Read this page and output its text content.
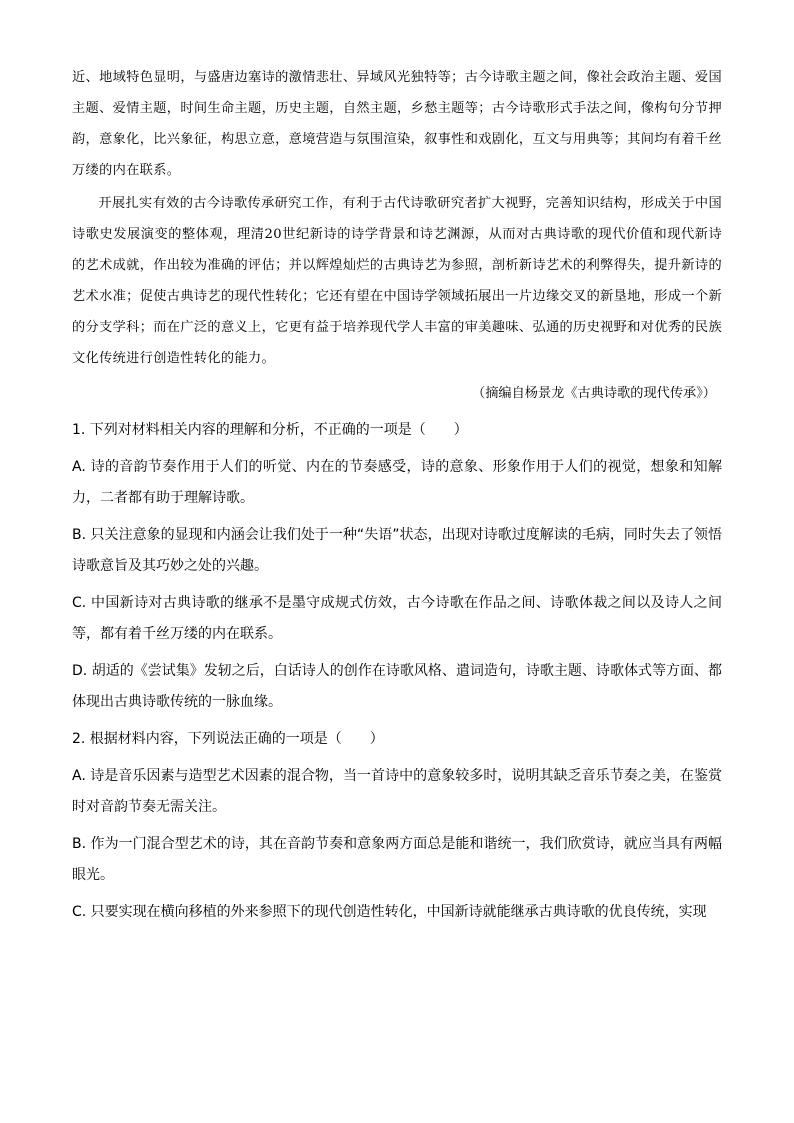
近、地域特色显明，与盛唐边塞诗的激情悲壮、异域风光独特等；古今诗歌主题之间，像社会政治主题、爱国主题、爱情主题，时间生命主题，历史主题，自然主题，乡愁主题等；古今诗歌形式手法之间，像构句分节押韵，意象化，比兴象征，构思立意，意境营造与氛围渲染，叙事性和戏剧化，互文与用典等；其间均有着千丝万缕的内在联系。

开展扎实有效的古今诗歌传承研究工作，有利于古代诗歌研究者扩大视野，完善知识结构，形成关于中国诗歌史发展演变的整体观，理清20世纪新诗的诗学背景和诗艺渊源，从而对古典诗歌的现代价值和现代新诗的艺术成就，作出较为准确的评估；并以辉煌灿烂的古典诗艺为参照，剖析新诗艺术的利弊得失，提升新诗的艺术水准；促使古典诗艺的现代性转化；它还有望在中国诗学领域拓展出一片边缘交叉的新垦地，形成一个新的分支学科；而在广泛的意义上，它更有益于培养现代学人丰富的审美趣味、弘通的历史视野和对优秀的民族文化传统进行创造性转化的能力。

（摘编自杨景龙《古典诗歌的现代传承》）

1. 下列对材料相关内容的理解和分析，不正确的一项是（　　）

A. 诗的音韵节奏作用于人们的听觉、内在的节奏感受，诗的意象、形象作用于人们的视觉，想象和知解力，二者都有助于理解诗歌。

B. 只关注意象的显现和内涵会让我们处于一种“失语”状态，出现对诗歌过度解读的毛病，同时失去了领悟诗歌意旨及其巧妙之处的兴趣。

C. 中国新诗对古典诗歌的继承不是墨守成规式仿效，古今诗歌在作品之间、诗歌体裁之间以及诗人之间等，都有着千丝万缕的内在联系。

D. 胡适的《尝试集》发轫之后，白话诗人的创作在诗歌风格、遣词造句，诗歌主题、诗歌体式等方面、都体现出古典诗歌传统的一脉血缘。

2. 根据材料内容，下列说法正确的一项是（　　）

A. 诗是音乐因素与造型艺术因素的混合物，当一首诗中的意象较多时，说明其缺乏音乐节奏之美，在鉴赏时对音韵节奏无需关注。

B. 作为一门混合型艺术的诗，其在音韵节奏和意象两方面总是能和谐统一，我们欣赏诗，就应当具有两幅眼光。

C. 只要实现在横向移植的外来参照下的现代创造性转化，中国新诗就能继承古典诗歌的优良传统，实现
